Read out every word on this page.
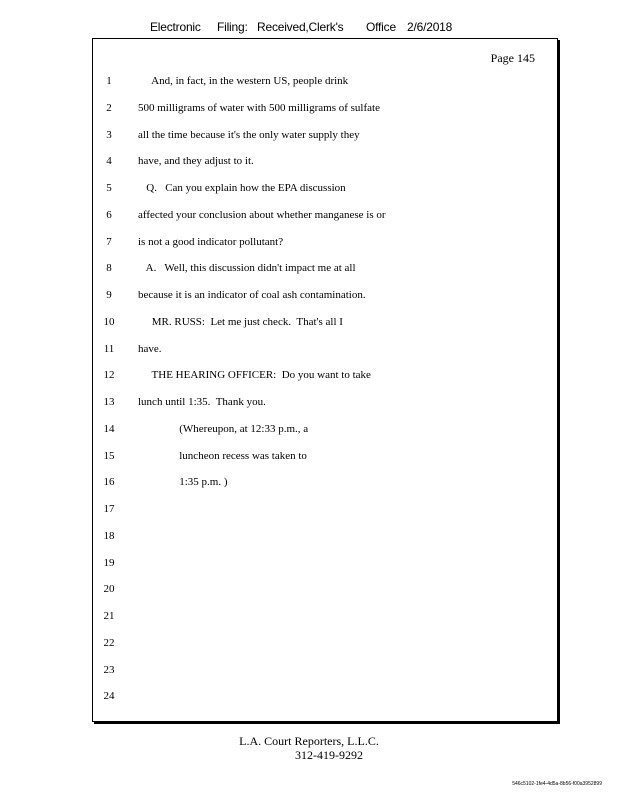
Electronic Filing: Received,Clerk's Office 2/6/2018
Page 145
1	And, in fact, in the western US, people drink
2	500 milligrams of water with 500 milligrams of sulfate
3	all the time because it's the only water supply they
4	have, and they adjust to it.
5	Q.   Can you explain how the EPA discussion
6	affected your conclusion about whether manganese is or
7	is not a good indicator pollutant?
8	A.   Well, this discussion didn't impact me at all
9	because it is an indicator of coal ash contamination.
10 MR. RUSS:  Let me just check.  That's all I
11 have.
12 THE HEARING OFFICER:  Do you want to take
13 lunch until 1:35.  Thank you.
14 (Whereupon, at 12:33 p.m., a
15 luncheon recess was taken to
16 1:35 p.m. )
17
18
19
20
21
22
23
24
L.A. Court Reporters, L.L.C.
312-419-9292
546c5102-1fe4-4d5a-8b56-f00a3952899
